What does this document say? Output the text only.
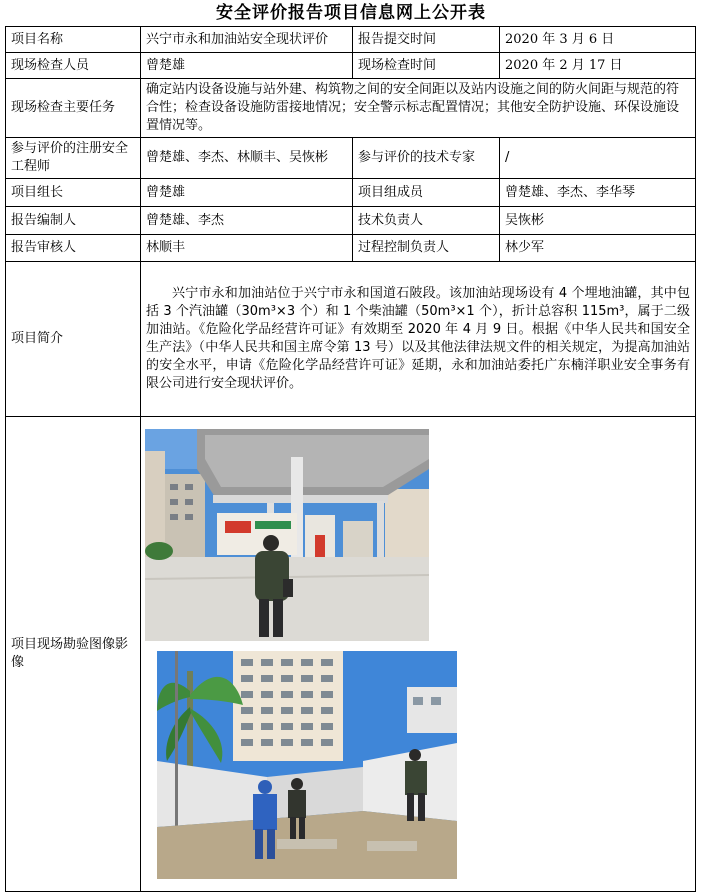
安全评价报告项目信息网上公开表
项目名称	兴宁市永和加油站安全现状评价	报告提交时间	2020 年 3 月 6 日
现场检查人员	曾楚雄	现场检查时间	2020 年 2 月 17 日
现场检查主要任务	确定站内设备设施与站外建、构筑物之间的安全间距以及站内设施之间的防火间距与规范的符合性；检查设备设施防雷接地情况；安全警示标志配置情况；其他安全防护设施、环保设施设置情况等。		
参与评价的注册安全工程师	曾楚雄、李杰、林顺丰、吴恢彬	参与评价的技术专家	/
项目组长	曾楚雄	项目组成员	曾楚雄、李杰、李华琴
报告编制人	曾楚雄、李杰	技术负责人	吴恢彬
报告审核人	林顺丰	过程控制负责人	林少军
项目简介	兴宁市永和加油站位于兴宁市永和国道石陂段。该加油站现场设有 4 个埋地油罐，其中包括 3 个汽油罐（30m³×3 个）和 1 个柴油罐（50m³×1 个），折计总容积 115m³，属于二级加油站。《危险化学品经营许可证》有效期至 2020 年 4 月 9 日。根据《中华人民共和国安全生产法》（中华人民共和国主席令第 13 号）以及其他法律法规文件的相关规定，为提高加油站的安全水平，申请《危险化学品经营许可证》延期，永和加油站委托广东楠洋职业安全事务有限公司进行安全现状评价。		
项目现场勘验图像影像	
